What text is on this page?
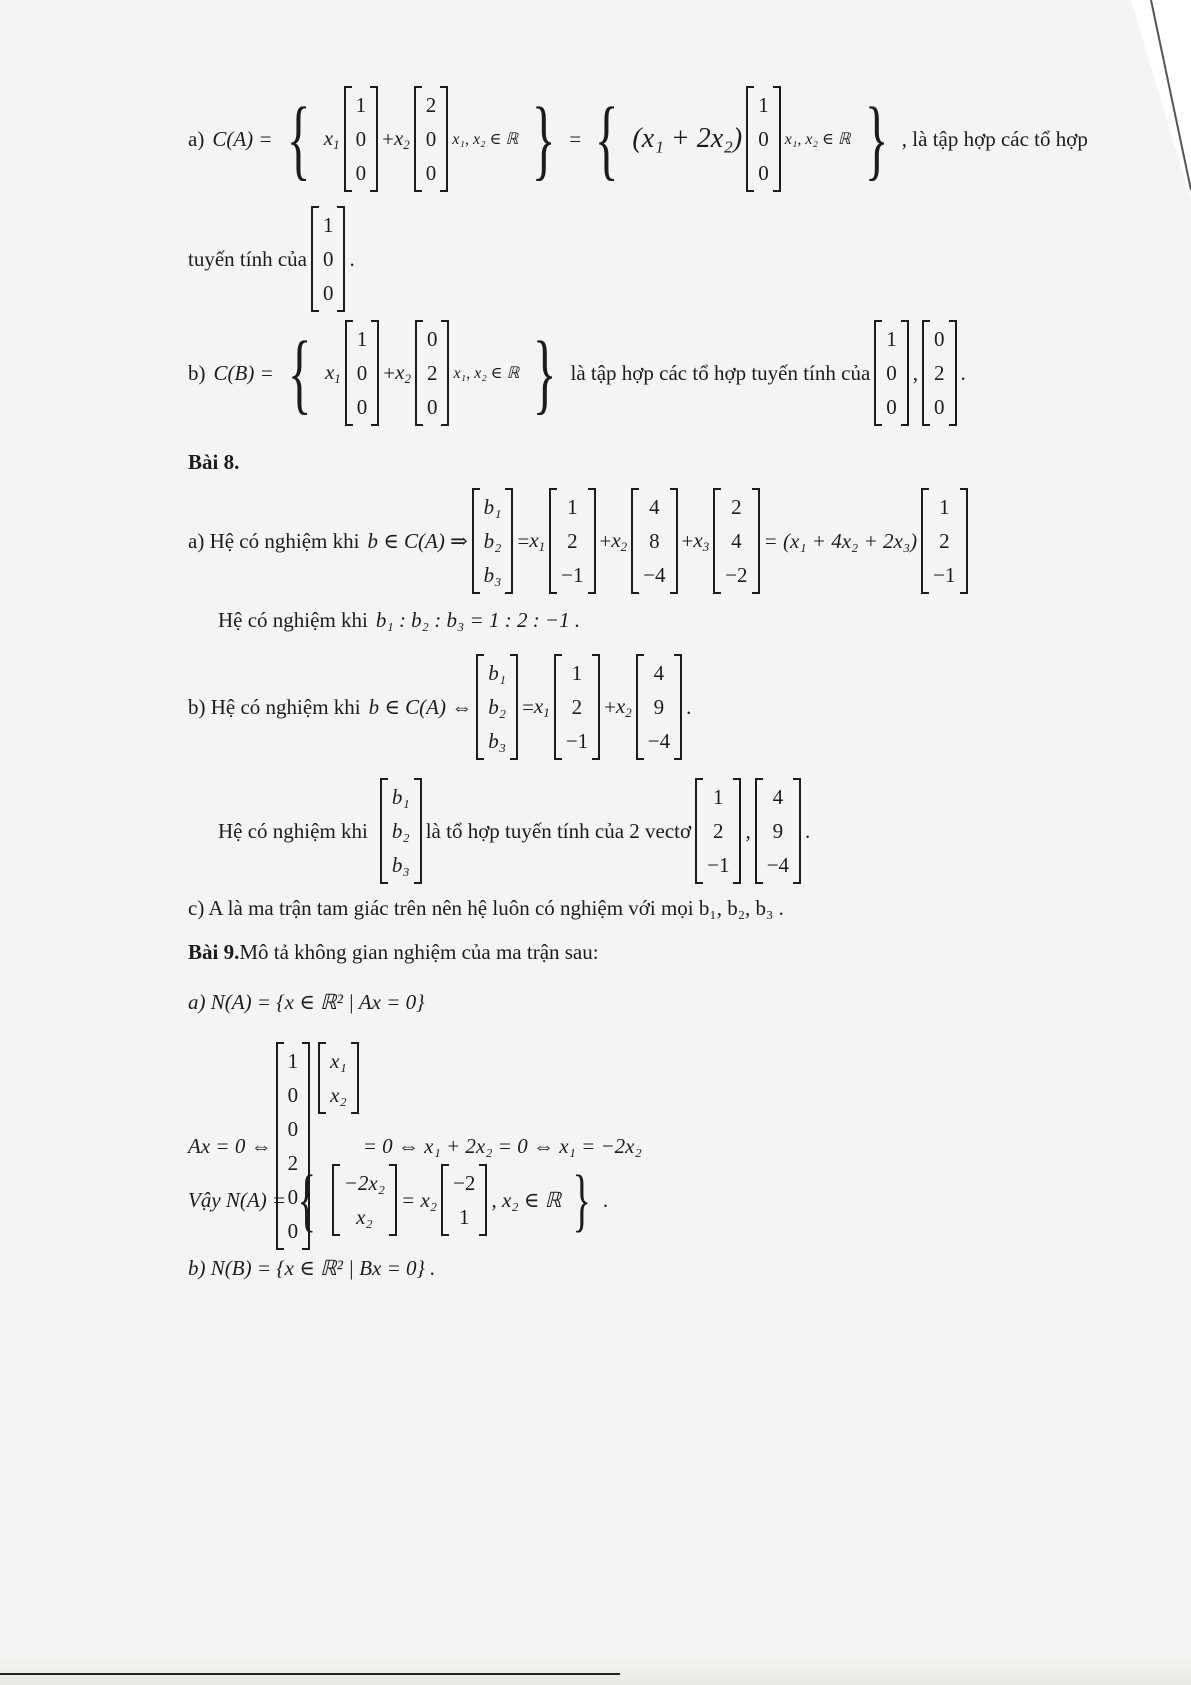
a) C(A) = { $x_1$
1
0
0
+ $x_2$
2
0
0
x₁, x₂ ∈ ℝ } = { (x₁ + 2x₂)
1
0
0
x₁, x₂ ∈ ℝ } , là tập hợp các tổ hợp
tuyến tính của
1
0
0
.
b) C(B) = { $x_1$
1
0
0
+ $x_2$
0
2
0
x₁, x₂ ∈ ℝ } là tập hợp các tổ hợp tuyến tính của
1
0
0
,
0
2
0
.
Bài 8.
a) Hệ có nghiệm khi b ∈ C(A) ⇒
b₁
b₂
b₃
= $x_1$
1
2
−1
+ $x_2$
4
8
−4
+ $x_3$
2
4
−2
= (x₁ + 4x₂ + 2x₃)
1
2
−1
Hệ có nghiệm khi b₁ : b₂ : b₃ = 1 : 2 : −1 .
b) Hệ có nghiệm khi b ∈ C(A) ⇔
b₁
b₂
b₃
= $x_1$
1
2
−1
+ $x_2$
4
9
−4
.
Hệ có nghiệm khi
b₁
b₂
b₃
là tổ hợp tuyến tính của 2 vectơ
1
2
−1
,
4
9
−4
.
c) A là ma trận tam giác trên nên hệ luôn có nghiệm với mọi b₁, b₂, b₃ .
Bài 9. Mô tả không gian nghiệm của ma trận sau:
a) N(A) = {x ∈ ℝ² | Ax = 0}
Ax = 0 ⇔
1
0
0
2
0
0
x₁
x₂
= 0 ⇔ x₁ + 2x₂ = 0 ⇔ x₁ = −2x₂
Vậy N(A) = { −2x₂
x₂
= x₂
−2
1
, x₂ ∈ ℝ } .
b) N(B) = {x ∈ ℝ² | Bx = 0} .
